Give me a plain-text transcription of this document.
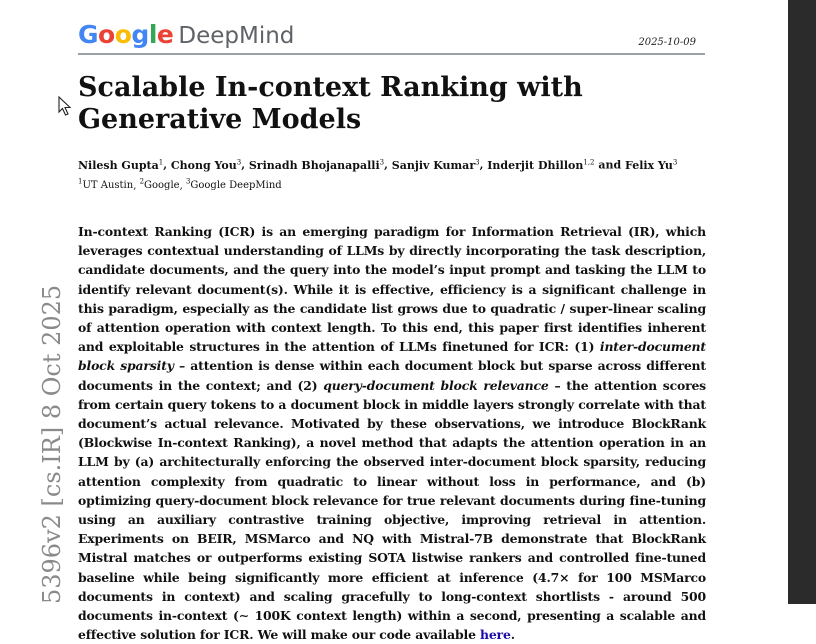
Google DeepMind	2025-10-09
Scalable In-context Ranking with Generative Models
Nilesh Gupta$^1$, Chong You$^3$, Srinadh Bhojanapalli$^3$, Sanjiv Kumar$^3$, Inderjit Dhillon$^{1,2}$ and Felix Yu$^3$
$^1$UT Austin, $^2$Google, $^3$Google DeepMind

In-context Ranking (ICR) is an emerging paradigm for Information Retrieval (IR), which leverages contextual understanding of LLMs by directly incorporating the task description, candidate documents, and the query into the model’s input prompt and tasking the LLM to identify relevant document(s). While it is effective, efficiency is a significant challenge in this paradigm, especially as the candidate list grows due to quadratic / super-linear scaling of attention operation with context length. To this end, this paper first identifies inherent and exploitable structures in the attention of LLMs finetuned for ICR: (1) inter-document block sparsity – attention is dense within each document block but sparse across different documents in the context; and (2) query-document block relevance – the attention scores from certain query tokens to a document block in middle layers strongly correlate with that document’s actual relevance. Motivated by these observations, we introduce BlockRank (Blockwise In-context Ranking), a novel method that adapts the attention operation in an LLM by (a) architecturally enforcing the observed inter-document block sparsity, reducing attention complexity from quadratic to linear without loss in performance, and (b) optimizing query-document block relevance for true relevant documents during fine-tuning using an auxiliary contrastive training objective, improving retrieval in attention. Experiments on BEIR, MSMarco and NQ with Mistral-7B demonstrate that BlockRank Mistral matches or outperforms existing SOTA listwise rankers and controlled fine-tuned baseline while being significantly more efficient at inference (4.7× for 100 MSMarco documents in context) and scaling gracefully to long-context shortlists - around 500 documents in-context (∼ 100K context length) within a second, presenting a scalable and effective solution for ICR. We will make our code available here.

5396v2 [cs.IR] 8 Oct 2025
